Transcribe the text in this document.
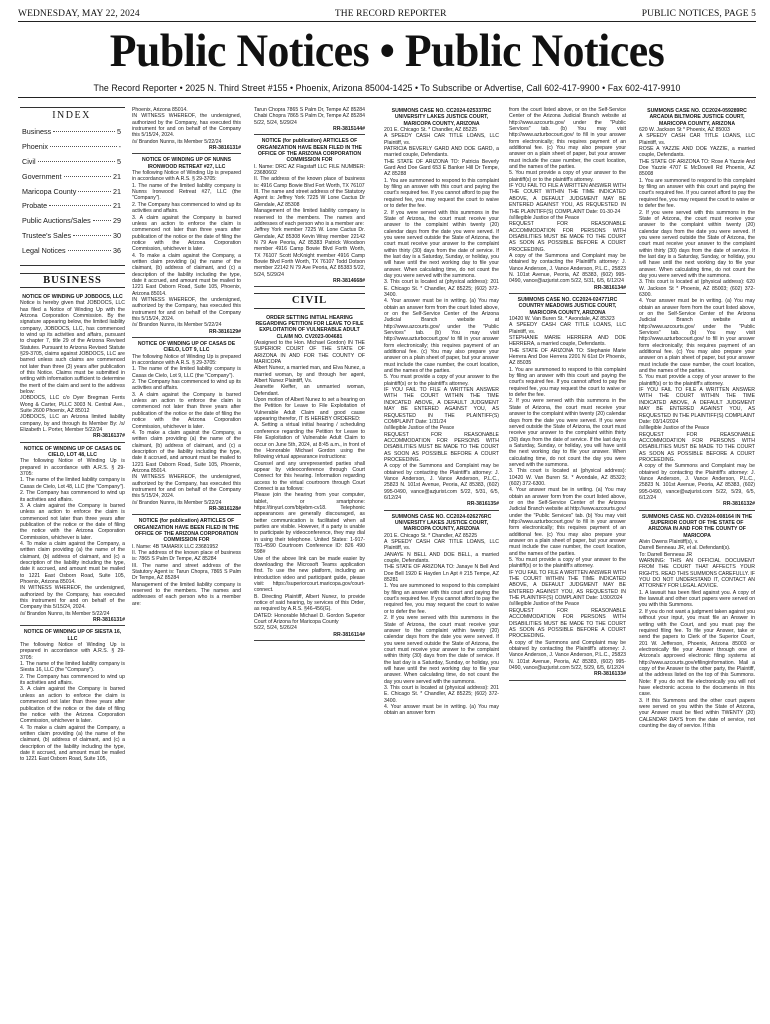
WEDNESDAY, MAY 22, 2024	THE RECORD REPORTER	PUBLIC NOTICES, PAGE 5
Public Notices • Public Notices
The Record Reporter • 2025 N. Third Street #155 • Phoenix, Arizona 85004-1425 • To Subscribe or Advertise, Call 602-417-9900 • Fax 602-417-9910
INDEX
Business	5
Phoenix	-
Civil	5
Government	21
Maricopa County	21
Probate	21
Public Auctions/Sales	29
Trustee's Sales	30
Legal Notices	36
BUSINESS
NOTICE OF WINDING UP JOBDOCS, LLC

Notice is hereby given that JOBDOCS, LLC has filed a Notice of Winding Up with the Arizona Corporation Commission. By the signature appearing below, the limited liability company, JOBDOCS, LLC, has commenced to wind up its activities and affairs, pursuant to chapter 7, title 29 of the Arizona Revised Statutes. Pursuant to Arizona Revised Statute §29-3705, claims against JOBDOCS, LLC are barred unless such claims are commenced not later than three (3) years after publication of this Notice. Claims must be submitted in writing with information sufficient to determine the merit of the claim and sent to the address below:

JOBDOCS, LLC c/o Dyer Bregman Ferris Wong & Carter, PLLC 3003 N. Central Ave., Suite 2600 Phoenix, AZ 85012

JOBDOCS, LLC an Arizona limited liability company, by and through its Member By: /s/ Elizabeth L. Porter, Member 5/22/24

RR-3816137#
NOTICE OF WINDING UP OF CASAS DE CIELO, LOT 48, LLC

The following Notice of Winding Up is prepared in accordance with A.R.S. § 29-3705:

1. The name of the limited liability company is Casas de Cielo, Lot 48, LLC (the "Company").

2. The Company has commenced to wind up its activities and affairs.

3. A claim against the Company is barred unless an action to enforce the claim is commenced not later than three years after publication of the notice or the date of filing the notice with the Arizona Corporation Commission, whichever is later.

4. To make a claim against the Company, a written claim providing (a) the name of the claimant, (b) address of claimant, and (c) a description of the liability including the type, date it accrued, and amount must be mailed to 1221 East Osborn Road, Suite 105, Phoenix, Arizona 85014.

IN WITNESS WHEREOF, the undersigned, authorized by the Company, has executed this instrument for and on behalf of the Company this 5/15/24, 2024.

/s/ Brandon Nunns, its Member 5/22/24

RR-3816131#
NOTICE OF WINDING UP OF SIESTA 16, LLC

The following Notice of Winding Up is prepared in accordance with A.R.S. § 29-3705:

1. The name of the limited liability company is Siesta 16, LLC (the "Company").

2. The Company has commenced to wind up its activities and affairs.

3. A claim against the Company is barred unless an action to enforce the claim is commenced not later than three years after publication of the notice or the date of filing the notice with the Arizona Corporation Commission, whichever is later.

4. To make a claim against the Company, a written claim providing (a) the name of the claimant, (b) address of claimant, and (c) a description of the liability including the type, date it accrued, and amount must be mailed to 1221 East Osborn Road, Suite 105,

Phoenix, Arizona 85014.

IN WITNESS WHEREOF, the undersigned, authorized by the Company, has executed this instrument for and on behalf of the Company this 5/15/24, 2024.

/s/ Brandon Nunns, its Member 5/22/24

RR-3816131#
NOTICE OF WINDING UP OF NUNNS IRONWOOD RETREAT #27, LLC

The following Notice of Winding Up is prepared in accordance with A.R.S. § 29-3705:

1. The name of the limited liability company is Nunns Ironwood Retreat #27, LLC (the "Company").

2. The Company has commenced to wind up its activities and affairs.

3. A claim against the Company is barred unless an action to enforce the claim is commenced not later than three years after publication of the notice or the date of filing the notice with the Arizona Corporation Commission, whichever is later.

4. To make a claim against the Company, a written claim providing (a) the name of the claimant, (b) address of claimant, and (c) a description of the liability including the type, date it accrued, and amount must be mailed to 1221 East Osborn Road, Suite 105, Phoenix, Arizona 85014.

IN WITNESS WHEREOF, the undersigned, authorized by the Company, has executed this instrument for and on behalf of the Company this 5/15/24, 2024.

/s/ Brandon Nunns, its Member 5/22/24

RR-3816129#
NOTICE OF WINDING UP OF CASAS DE CIELO, LOT 9, LLC

The following Notice of Winding Up is prepared in accordance with A.R.S. § 29-3705:

1. The name of the limited liability company is Casas de Cielo, Lot 9, LLC (the "Company").

2. The Company has commenced to wind up its activities and affairs.

3. A claim against the Company is barred unless an action to enforce the claim is commenced not later than three years after publication of the notice or the date of filing the notice with the Arizona Corporation Commission, whichever is later.

4. To make a claim against the Company, a written claim providing (a) the name of the claimant, (b) address of claimant, and (c) a description of the liability including the type, date it accrued, and amount must be mailed to 1221 East Osborn Road, Suite 105, Phoenix, Arizona 85014.

IN WITNESS WHEREOF, the undersigned, authorized by the Company, has executed this instrument for and on behalf of the Company this 5/15/24, 2024.

/s/ Brandon Nunns, its Member 5/22/24

RR-3816128#
NOTICE (for publication) ARTICLES OF ORGANIZATION HAVE BEEN FILED IN THE OFFICE OF THE ARIZONA CORPORATION COMMISSION FOR

I. Name: 4B TAMARIX LLC 23681952

II. The address of the known place of business is: 7865 S Palm Dr Tempe, AZ 85284

III. The name and street address of the Statutory Agent is: Tarun Chopra, 7865 S Palm Dr Tempe, AZ 85284

Management of the limited liability company is reserved to the members. The names and addresses of each person who is a member are:

Tarun Chopra 7865 S Palm Dr, Tempe AZ 85284 Chabi Chopra 7865 S Palm Dr, Tempe AZ 85284 5/22, 5/24, 5/29/24

RR-3815144#
NOTICE (for publication) ARTICLES OF ORGANIZATION HAVE BEEN FILED IN THE OFFICE OF THE ARIZONA CORPORATION COMMISSION FOR

I. Name: DRC AZ Flagstaff LLC FILE NUMBER: 23680602

II. The address of the known place of business is: 4916 Camp Bowie Blvd Fort Worth, TX 76107

III. The name and street address of the Statutory Agent is: Jeffrey York 7225 W Lone Cactus Dr Glendale, AZ 85308

Management of the limited liability company is reserved to the members. The names and addresses of each person who is a member are:

Jeffrey York member 7225 W. Lone Cactus Dr. Glendale, AZ 85308 Kevin Wray member 22142 N 79 Ave Peoria, AZ 85383 Patrick Woodson member 4916 Camp Bowie Blvd Forth Worth, TX 76107 Scott McKnight member 4916 Camp Bowie Blvd Forth Worth, TX 76107 Todd Dotson member 22142 N 79 Ave Peoria, AZ 85383 5/22, 5/24, 5/29/24

RR-3814668#
CIVIL
ORDER SETTING INITIAL HEARING REGARDING PETITION FOR LEAVE TO FILE EXPLOITATION OF VULNERABLE ADULT CLAIM NO. CV2023-004681

(Assigned to the Hon. Michael Gordon) IN THE SUPERIOR COURT OF THE STATE OF ARIZONA IN AND FOR THE COUNTY OF MARICOPA

Albert Nunez, a married man, and Elva Nunez, a married woman, by and through her agent, Albert Nunez Plaintiff, Vs.

Jeanette Kieffer, an unmarried woman, Defendant.

Upon motion of Albert Nunez to set a hearing on the Petition for Leave to File Exploitation of Vulnerable Adult Claim and good cause appearing therefor, IT IS HEREBY ORDERED:

A. Setting a virtual initial hearing / scheduling conference regarding the Petition for Leave to File Exploitation of Vulnerable Adult Claim to occur on June 5th, 2024, at 8:45 a.m., in front of the Honorable Michael Gordon using the following virtual appearance instructions:

Counsel and any unrepresented parties shall appear by videoconference through Court Connect for this hearing. Information regarding access to the virtual courtroom through Court Connect is as follows:

Please join the hearing from your computer, tablet, or smartphone: https://tinyurl.com/bbjebm-cv18. Telephonic appearances are generally discouraged, as better communication is facilitated when all parties are visible. However, if a party is unable to participate by videoconference, they may dial in using their telephone. United States: 1-917-781-4590 Courtroom Conference ID: 826 490 598#

Use of the above link can be made easier by downloading the Microsoft Teams application first. To use the new platform, including an introduction video and participant guide, please visit: https://superiorcourt.maricopa.gov/court-connect.

B. Directing Plaintiff, Albert Nunez, to provide notice of said hearing, by services of this Order, as required by A.R.S. §46-456(G).

DATED: Honorable Michael D. Gordon Superior Court of Arizona for Maricopa County

5/22, 5/24, 5/26/24

RR-3816114#
SUMMONS CASE NO. CC2024-025337RC UNIVERSITY LAKES JUSTICE COURT, MARICOPA COUNTY, ARIZONA

201 E. Chicago St. * Chandler, AZ 85225

A SPEEDY CASH CAR TITLE LOANS, LLC Plaintiff, vs.

PATRICIA BEVERLY GARD AND DOE GARD, a married couple, Defendants.

THE STATE OF ARIZONA TO: Patricia Beverly Gard And Doe Gard 653 E Banker Hill Dr Tempe, AZ 85288

1. You are summoned to respond to this complaint by filing an answer with this court and paying the court's required fee. If you cannot afford to pay the required fee, you may request the court to waive or to defer the fee.

2. If you were served with this summons in the State of Arizona, the court must receive your answer to the complaint within twenty (20) calendar days from the date you were served. If you were served outside the State of Arizona, the court must receive your answer to the complaint within thirty (30) days from the date of service. If the last day is a Saturday, Sunday, or holiday, you will have until the next working day to file your answer. When calculating time, do not count the day you were served with the summons.

3. This court is located at (physical address): 201 E. Chicago St. * Chandler, AZ 85225; (602) 372-3400.

4. Your answer must be in writing. (a) You may obtain an answer form from the court listed above, or on the Self-Service Center of the Arizona Judicial Branch website at http://www.azcourts.gov/ under the "Public Services" tab. (b) You may visit http://www.azturbocourt.gov/ to fill in your answer form electronically; this requires payment of an additional fee. (c) You may also prepare your answer on a plain sheet of paper, but your answer must include the case number, the court location, and the names of the parties.

5. You must provide a copy of your answer to the plaintiff(s) or to the plaintiff's attorney.

IF YOU FAIL TO FILE A WRITTEN ANSWER WITH THE COURT WITHIN THE TIME INDICATED ABOVE, A DEFAULT JUDGMENT MAY BE ENTERED AGAINST YOU, AS REQUESTED IN THE PLAINTIFF(S) COMPLAINT Date: 1/31/24

/s/illegible Justice of the Peace

REQUEST FOR REASONABLE ACCOMMODATION FOR PERSONS WITH DISABILITIES MUST BE MADE TO THE COURT AS SOON AS POSSIBLE BEFORE A COURT PROCEEDING.

A copy of the Summons and Complaint may be obtained by contacting the Plaintiff's attorney: J. Vance Anderson, J. Vance Anderson, P.L.C., 25823 N. 101st Avenue, Peoria, AZ 85383, (602) 995-0490, vance@azjurist.com 5/22, 5/31, 6/5, 6/12/24

RR-3816135#
SUMMONS CASE NO. CC2024-026276RC UNIVERSITY LAKES JUSTICE COURT, MARICOPA COUNTY, ARIZONA

201 E. Chicago St. * Chandler, AZ 85225

A SPEEDY CASH CAR TITLE LOANS, LLC Plaintiff, vs.

JANAYE N BELL AND DOE BELL, a married couple, Defendants.

THE STATE OF ARIZONA TO: Janaye N Bell And Doe Bell 1920 E Hayden Ln Apt # 215 Tempe, AZ 85281

1. You are summoned to respond to this complaint by filing an answer with this court and paying the court's required fee. If you cannot afford to pay the required fee, you may request the court to waive or to defer the fee.

2. If you were served with this summons in the State of Arizona, the court must receive your answer to the complaint within twenty (20) calendar days from the date you were served. If you were served outside the State of Arizona, the court must receive your answer to the complaint within thirty (30) days from the date of service. If the last day is a Saturday, Sunday, or holiday, you will have until the next working day to file your answer. When calculating time, do not count the day you were served with the summons.

3. This court is located at (physical address): 201 E. Chicago St. * Chandler, AZ 85225; (602) 372-3400.

4. Your answer must be in writing. (a) You may obtain an answer form

from the court listed above, or on the Self-Service Center of the Arizona Judicial Branch website at http://www.azcourts.gov/ under the "Public Services" tab. (b) You may visit http://www.azturbocourt.gov/ to fill in your answer form electronically; this requires payment of an additional fee. (c) You may also prepare your answer on a plain sheet of paper, but your answer must include the case number, the court location, and the names of the parties.

5. You must provide a copy of your answer to the plaintiff(s) or to the plaintiff's attorney.

IF YOU FAIL TO FILE A WRITTEN ANSWER WITH THE COURT WITHIN THE TIME INDICATED ABOVE, A DEFAULT JUDGMENT MAY BE ENTERED AGAINST YOU, AS REQUESTED IN THE PLAINTIFF(S) COMPLAINT Date: 01-30-24

/s/illegible Justice of the Peace

REQUEST FOR REASONABLE ACCOMMODATION FOR PERSONS WITH DISABILITIES MUST BE MADE TO THE COURT AS SOON AS POSSIBLE BEFORE A COURT PROCEEDING.

A copy of the Summons and Complaint may be obtained by contacting the Plaintiff's attorney: J. Vance Anderson, J. Vance Anderson, P.L.C., 25823 N. 101st Avenue, Peoria, AZ 85383, (602) 995-0490, vance@azjurist.com 5/22, 5/31, 6/5, 6/12/24

RR-3816134#
SUMMONS CASE NO. CC2024-024771RC COUNTRY MEADOWS JUSTICE COURT, MARICOPA COUNTY, ARIZONA

10420 W. Van Buren St. * Avondale, AZ 85323

A SPEEDY CASH CAR TITLE LOANS, LLC Plaintiff, vs.

STEPHANIE MARIE HERRERA AND DOE HERRERA, a married couple, Defendants.

THE STATE OF ARIZONA TO: Stephanie Marie Herrera And Doe Herrera 2201 N 61st Dr Phoenix, AZ 85035

1. You are summoned to respond to this complaint by filing an answer with this court and paying the court's required fee. If you cannot afford to pay the required fee, you may request the court to waive or to defer the fee.

2. If you were served with this summons in the State of Arizona, the court must receive your answer to the complaint within twenty (20) calendar days from the date you were served. If you were served outside the State of Arizona, the court must receive your answer to the complaint within thirty (30) days from the date of service. If the last day is a Saturday, Sunday, or holiday, you will have until the next working day to file your answer. When calculating time, do not count the day you were served with the summons.

3. This court is located at (physical address): 10420 W. Van Buren St. * Avondale, AZ 85323; (602) 372-6300.

4. Your answer must be in writing. (a) You may obtain an answer form from the court listed above, or on the Self-Service Center of the Arizona Judicial Branch website at http://www.azcourts.gov/ under the "Public Services" tab. (b) You may visit http://www.azturbocourt.gov/ to fill in your answer form electronically; this requires payment of an additional fee. (c) You may also prepare your answer on a plain sheet of paper, but your answer must include the case number, the court location, and the names of the parties.

5. You must provide a copy of your answer to the plaintiff(s) or to the plaintiff's attorney.

IF YOU FAIL TO FILE A WRITTEN ANSWER WITH THE COURT WITHIN THE TIME INDICATED ABOVE, A DEFAULT JUDGMENT MAY BE ENTERED AGAINST YOU, AS REQUESTED IN THE PLAINTIFF(S) COMPLAINT Date: 1/30/2024

/s/illegible Justice of the Peace

REQUEST FOR REASONABLE ACCOMMODATION FOR PERSONS WITH DISABILITIES MUST BE MADE TO THE COURT AS SOON AS POSSIBLE BEFORE A COURT PROCEEDING.

A copy of the Summons and Complaint may be obtained by contacting the Plaintiff's attorney: J. Vance Anderson, J. Vance Anderson, P.L.C., 25823 N. 101st Avenue, Peoria, AZ 85383, (602) 995-0490, vance@azjurist.com 5/22, 5/29, 6/5, 6/12/24

RR-3816133#
SUMMONS CASE NO. CC2024-059289RC ARCADIA BILTMORE JUSTICE COURT, MARICOPA COUNTY, ARIZONA

620 W. Jackson St * Phoenix, AZ 85003

A SPEEDY CASH CAR TITLE LOANS, LLC Plaintiff, vs.

ROSE A YAZZIE AND DOE YAZZIE, a married couple, Defendants.

THE STATE OF ARIZONA TO: Rose A Yazzie And Doe Yazzie 4707 E McDowell Rd Phoenix, AZ 85008

1. You are summoned to respond to this complaint by filing an answer with this court and paying the court's required fee. If you cannot afford to pay the required fee, you may request the court to waive or to defer the fee.

2. If you were served with this summons in the State of Arizona, the court must receive your answer to the complaint within twenty (20) calendar days from the date you were served. If you were served outside the State of Arizona, the court must receive your answer to the complaint within thirty (30) days from the date of service. If the last day is a Saturday, Sunday, or holiday, you will have until the next working day to file your answer. When calculating time, do not count the day you were served with the summons.

3. This court is located at (physical address): 620 W. Jackson St * Phoenix, AZ 85003; (602) 372-6300.

4. Your answer must be in writing. (a) You may obtain an answer form from the court listed above, or on the Self-Service Center of the Arizona Judicial Branch website at http://www.azcourts.gov/ under the "Public Services" tab. (b) You may visit http://www.azturbocourt.gov/ to fill in your answer form electronically; this requires payment of an additional fee. (c) You may also prepare your answer on a plain sheet of paper, but your answer must include the case number, the court location, and the names of the parties.

5. You must provide a copy of your answer to the plaintiff(s) or to the plaintiff's attorney.

IF YOU FAIL TO FILE A WRITTEN ANSWER WITH THE COURT WITHIN THE TIME INDICATED ABOVE, A DEFAULT JUDGMENT MAY BE ENTERED AGAINST YOU, AS REQUESTED IN THE PLAINTIFF(S) COMPLAINT Date: 03/14/2024

/s/illegible Justice of the Peace

REQUEST FOR REASONABLE ACCOMMODATION FOR PERSONS WITH DISABILITIES MUST BE MADE TO THE COURT AS SOON AS POSSIBLE BEFORE A COURT PROCEEDING.

A copy of the Summons and Complaint may be obtained by contacting the Plaintiff's attorney: J. Vance Anderson, J. Vance Anderson, P.L.C., 25823 N. 101st Avenue, Peoria, AZ 85383, (602) 995-0490, vance@azjurist.com 5/22, 5/29, 6/5, 6/12/24

RR-3816132#
SUMMONS CASE NO. CV2024-008164 IN THE SUPERIOR COURT OF THE STATE OF ARIZONA IN AND FOR THE COUNTY OF MARICOPA

Alvin Owens Plaintiff(s), v.

Darrell Benneau JR, et al. Defendant(s).

To: Darrell Benneau JR

WARNING: THIS AN OFFICIAL DOCUMENT FROM THE COURT THAT AFFECTS YOUR RIGHTS. READ THIS SUMMONS CAREFULLY. IF YOU DO NOT UNDERSTAND IT, CONTACT AN ATTORNEY FOR LEGAL ADVICE.

1. A lawsuit has been filed against you. A copy of the lawsuit and other court papers were served on you with this Summons.

2. If you do not want a judgment taken against you without your input, you must file an Answer in writing with the Court, and you must pay the required filing fee. To file your Answer, take or send the papers to Clerk of the Superior Court, 201 W. Jefferson, Phoenix, Arizona 85003 or electronically file your Answer through one of Arizona's approved electronic filing systems at http://www.azcourts.gov/efilinginformation. Mail a copy of the Answer to the other party, the Plaintiff, at the address listed on the top of this Summons. Note: If you do not file electronically you will not have electronic access to the documents in this case.

3. If this Summons and the other court papers were served on you within the State of Arizona, your Answer must be filed within TWENTY (20) CALENDAR DAYS from the date of service, not counting the day of service. If this
